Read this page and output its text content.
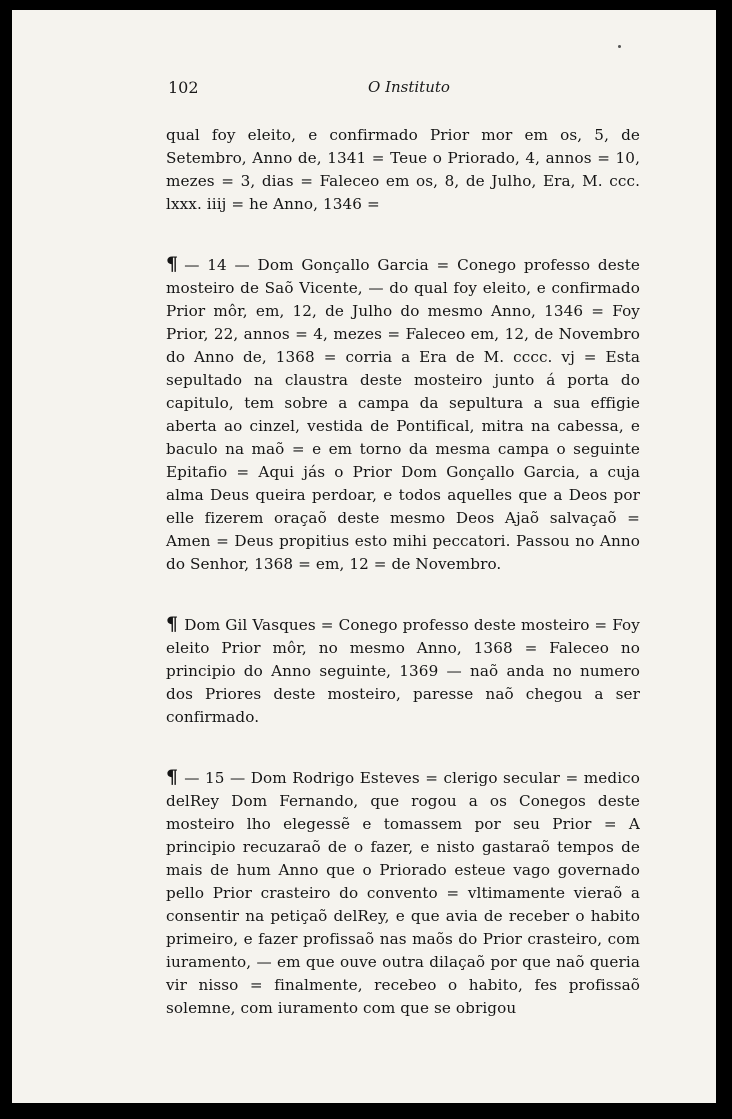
102	O Instituto

qual foy eleito, e confirmado Prior mor em os, 5, de Setembro, Anno de, 1341 = Teue o Priorado, 4, annos = 10, mezes = 3, dias = Faleceo em os, 8, de Julho, Era, M. ccc. lxxx. iiij = he Anno, 1346 =

¶ — 14 — Dom Gonçallo Garcia = Conego professo deste mosteiro de Saõ Vicente, — do qual foy eleito, e confirmado Prior môr, em, 12, de Julho do mesmo Anno, 1346 = Foy Prior, 22, annos = 4, mezes = Faleceo em, 12, de Novembro do Anno de, 1368 = corria a Era de M. cccc. vj = Esta sepultado na claustra deste mosteiro junto á porta do capitulo, tem sobre a campa da sepultura a sua effigie aberta ao cinzel, vestida de Pontifical, mitra na cabessa, e baculo na maõ = e em torno da mesma campa o seguinte Epitafio = Aqui jás o Prior Dom Gonçallo Garcia, a cuja alma Deus queira perdoar, e todos aquelles que a Deos por elle fizerem oraçaõ deste mesmo Deos Ajaõ salvaçaõ = Amen = Deus propitius esto mihi peccatori. Passou no Anno do Senhor, 1368 = em, 12 = de Novembro.

¶ Dom Gil Vasques = Conego professo deste mosteiro = Foy eleito Prior môr, no mesmo Anno, 1368 = Faleceo no principio do Anno seguinte, 1369 — naõ anda no numero dos Priores deste mosteiro, paresse naõ chegou a ser confirmado.

¶ — 15 — Dom Rodrigo Esteves = clerigo secular = medico delRey Dom Fernando, que rogou a os Conegos deste mosteiro lho elegessẽ e tomassem por seu Prior = A principio recuzaraõ de o fazer, e nisto gastaraõ tempos de mais de hum Anno que o Priorado esteue vago governado pello Prior crasteiro do convento = vltimamente vieraõ a consentir na petiçaõ delRey, e que avia de receber o habito primeiro, e fazer profissaõ nas maõs do Prior crasteiro, com iuramento, — em que ouve outra dilaçaõ por que naõ queria vir nisso = finalmente, recebeo o habito, fes profissaõ solemne, com iuramento com que se obrigou
